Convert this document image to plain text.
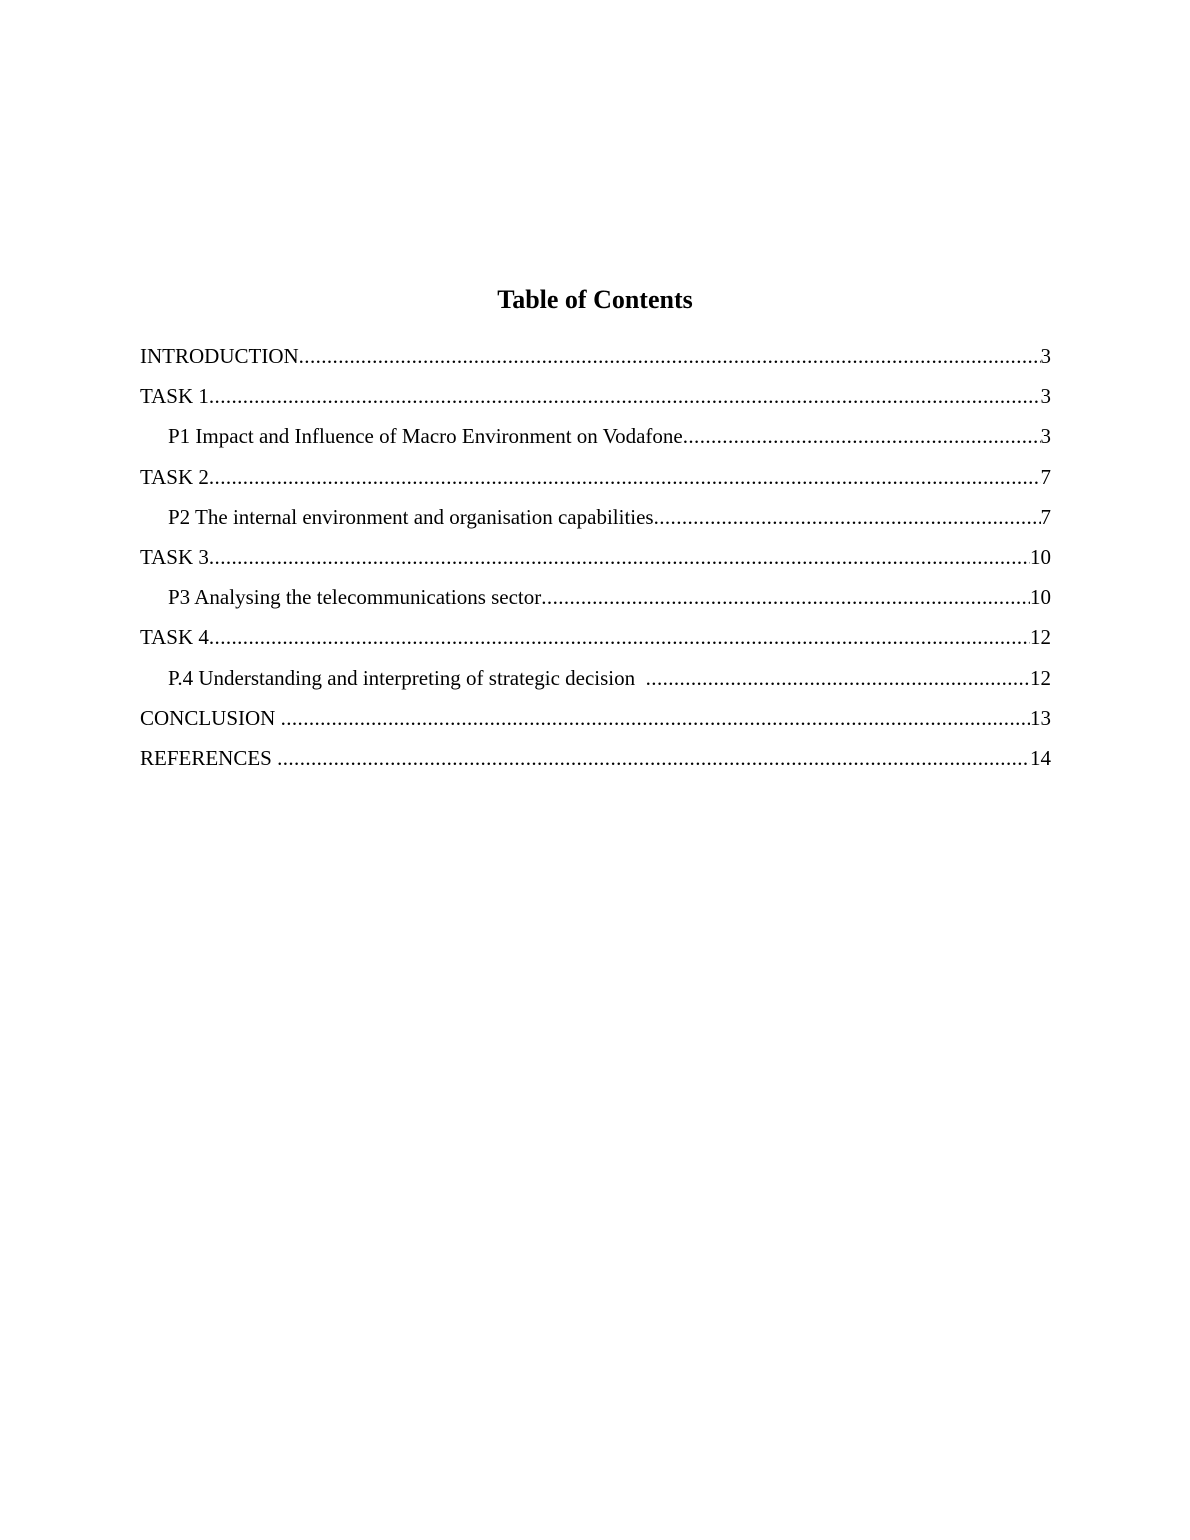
Table of Contents
INTRODUCTION .....	3
TASK 1 .....	3
P1 Impact and Influence of Macro Environment on Vodafone .....	3
TASK 2 .....	7
P2 The internal environment and organisation capabilities .....	7
TASK 3 .....	10
P3 Analysing the telecommunications sector .....	10
TASK 4 .....	12
P.4 Understanding and interpreting of strategic decision .....	12
CONCLUSION .....	13
REFERENCES .....	14
